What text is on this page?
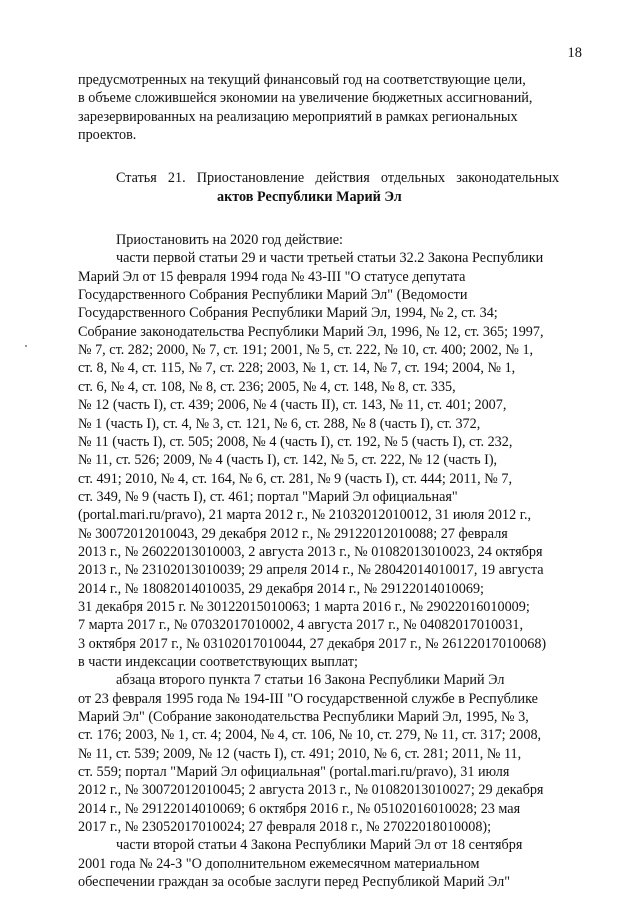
18
предусмотренных на текущий финансовый год на соответствующие цели,
в объеме сложившейся экономии на увеличение бюджетных ассигнований,
зарезервированных на реализацию мероприятий в рамках региональных
проектов.
Статья 21. Приостановление действия отдельных законодательных
актов Республики Марий Эл
Приостановить на 2020 год действие:
части первой статьи 29 и части третьей статьи 32.2 Закона Республики
Марий Эл от 15 февраля 1994 года № 43-III "О статусе депутата
Государственного Собрания Республики Марий Эл" (Ведомости
Государственного Собрания Республики Марий Эл, 1994, № 2, ст. 34;
Собрание законодательства Республики Марий Эл, 1996, № 12, ст. 365; 1997,
№ 7, ст. 282; 2000, № 7, ст. 191; 2001, № 5, ст. 222, № 10, ст. 400; 2002, № 1,
ст. 8, № 4, ст. 115, № 7, ст. 228; 2003, № 1, ст. 14, № 7, ст. 194; 2004, № 1,
ст. 6, № 4, ст. 108, № 8, ст. 236; 2005, № 4, ст. 148, № 8, ст. 335,
№ 12 (часть I), ст. 439; 2006, № 4 (часть II), ст. 143, № 11, ст. 401; 2007,
№ 1 (часть I), ст. 4, № 3, ст. 121, № 6, ст. 288, № 8 (часть I), ст. 372,
№ 11 (часть I), ст. 505; 2008, № 4 (часть I), ст. 192, № 5 (часть I), ст. 232,
№ 11, ст. 526; 2009, № 4 (часть I), ст. 142, № 5, ст. 222, № 12 (часть I),
ст. 491; 2010, № 4, ст. 164, № 6, ст. 281, № 9 (часть I), ст. 444; 2011, № 7,
ст. 349, № 9 (часть I), ст. 461; портал "Марий Эл официальная"
(portal.mari.ru/pravo), 21 марта 2012 г., № 21032012010012, 31 июля 2012 г.,
№ 30072012010043, 29 декабря 2012 г., № 29122012010088; 27 февраля
2013 г., № 26022013010003, 2 августа 2013 г., № 01082013010023, 24 октября
2013 г., № 23102013010039; 29 апреля 2014 г., № 28042014010017, 19 августа
2014 г., № 18082014010035, 29 декабря 2014 г., № 29122014010069;
31 декабря 2015 г. № 30122015010063; 1 марта 2016 г., № 29022016010009;
7 марта 2017 г., № 07032017010002, 4 августа 2017 г., № 04082017010031,
3 октября 2017 г., № 03102017010044, 27 декабря 2017 г., № 26122017010068)
в части индексации соответствующих выплат;
абзаца второго пункта 7 статьи 16 Закона Республики Марий Эл
от 23 февраля 1995 года № 194-III "О государственной службе в Республике
Марий Эл" (Собрание законодательства Республики Марий Эл, 1995, № 3,
ст. 176; 2003, № 1, ст. 4; 2004, № 4, ст. 106, № 10, ст. 279, № 11, ст. 317; 2008,
№ 11, ст. 539; 2009, № 12 (часть I), ст. 491; 2010, № 6, ст. 281; 2011, № 11,
ст. 559; портал "Марий Эл официальная" (portal.mari.ru/pravo), 31 июля
2012 г., № 30072012010045; 2 августа 2013 г., № 01082013010027; 29 декабря
2014 г., № 29122014010069; 6 октября 2016 г., № 05102016010028; 23 мая
2017 г., № 23052017010024; 27 февраля 2018 г., № 27022018010008);
части второй статьи 4 Закона Республики Марий Эл от 18 сентября
2001 года № 24-З "О дополнительном ежемесячном материальном
обеспечении граждан за особые заслуги перед Республикой Марий Эл"
